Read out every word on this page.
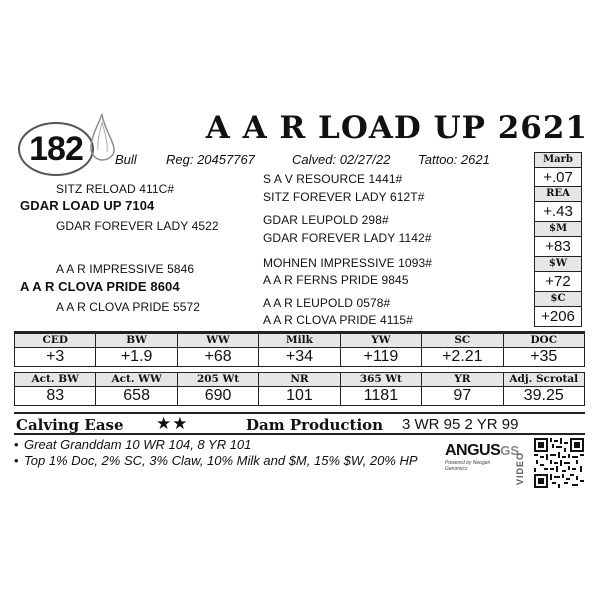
182
A A R LOAD UP 2621
Bull Reg: 20457767	Calved: 02/27/22 Tattoo: 2621
SITZ RELOAD 411C#
GDAR LOAD UP 7104
GDAR FOREVER LADY 4522
A A R IMPRESSIVE 5846
A A R CLOVA PRIDE 8604
A A R CLOVA PRIDE 5572
S A V RESOURCE 1441#
SITZ FOREVER LADY 612T#
GDAR LEUPOLD 298#
GDAR FOREVER LADY 1142#
MOHNEN IMPRESSIVE 1093#
A A R FERNS PRIDE 9845
A A R LEUPOLD 0578#
A A R CLOVA PRIDE 4115#
Marb
+.07
REA
+.43
$M
+83
$W
+72
$C
+206
CED	BW	WW	Milk	YW	SC	DOC
+3	+1.9	+68	+34	+119	+2.21	+35
Act. BW	Act. WW	205 Wt	NR	365 Wt	YR	Adj. Scrotal
83	658	690	101	1181	97	39.25
Calving Ease ★★	Dam Production 3 WR 95 2 YR 99
• Great Granddam 10 WR 104, 8 YR 101
• Top 1% Doc, 2% SC, 3% Claw, 10% Milk and $M, 15% $W, 20% HP
ANGUSGS
Powered by Neogen Genomics	VIDEO
